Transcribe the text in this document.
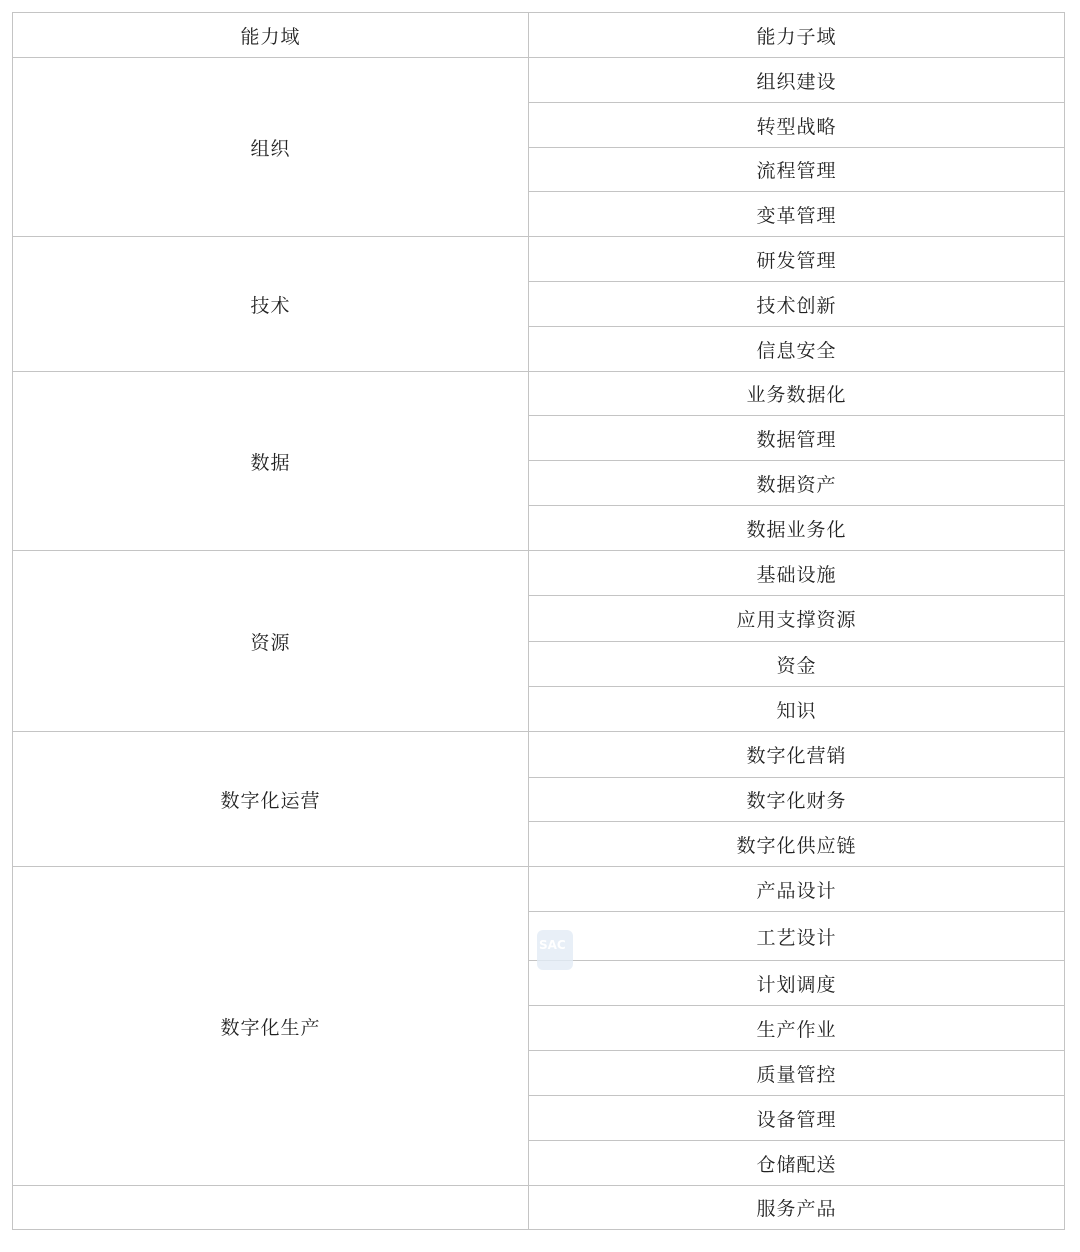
能力域	能力子域
组织	组织建设
	转型战略
	流程管理
	变革管理
技术	研发管理
	技术创新
	信息安全
数据	业务数据化
	数据管理
	数据资产
	数据业务化
资源	基础设施
	应用支撑资源
	资金
	知识
数字化运营	数字化营销
	数字化财务
	数字化供应链
数字化生产	产品设计
	工艺设计
	计划调度
	生产作业
	质量管控
	设备管理
	仓储配送
	服务产品
SAC
